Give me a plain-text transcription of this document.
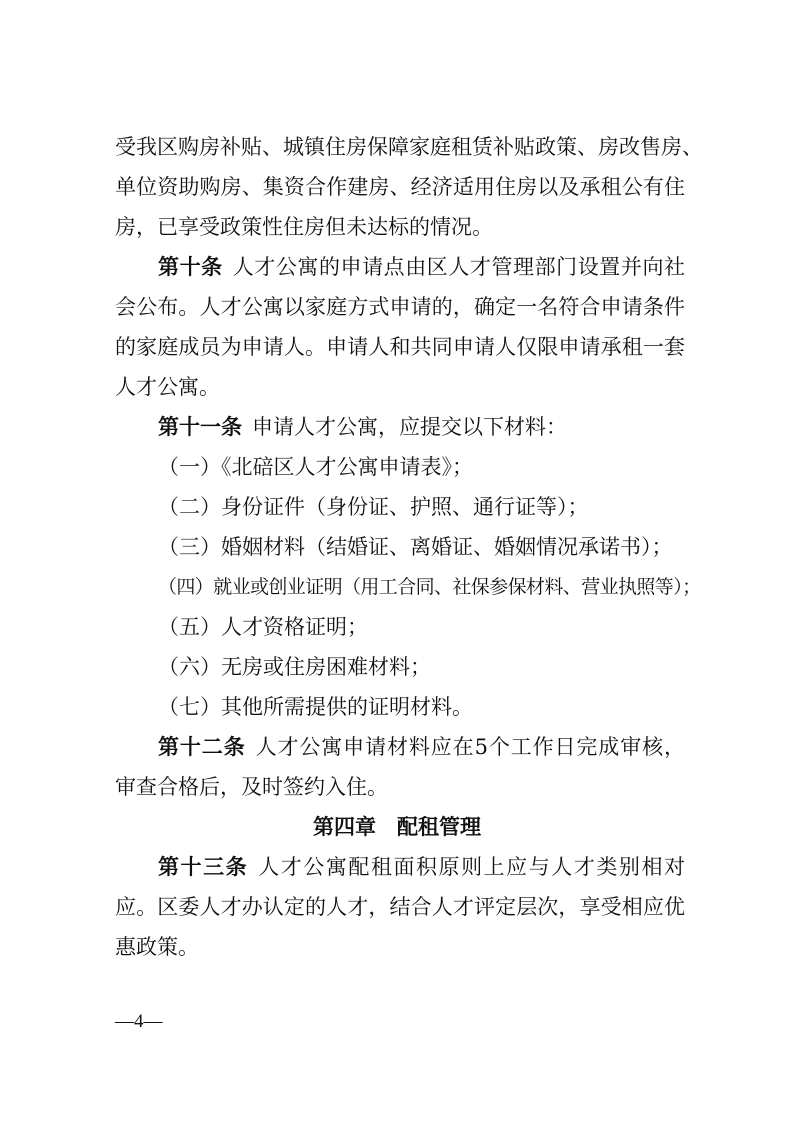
受我区购房补贴、城镇住房保障家庭租赁补贴政策、房改售房、
单位资助购房、集资合作建房、经济适用住房以及承租公有住
房，已享受政策性住房但未达标的情况。
第十条 人才公寓的申请点由区人才管理部门设置并向社
会公布。人才公寓以家庭方式申请的，确定一名符合申请条件
的家庭成员为申请人。申请人和共同申请人仅限申请承租一套
人才公寓。
第十一条 申请人才公寓，应提交以下材料：
（一）《北碚区人才公寓申请表》；
（二）身份证件（身份证、护照、通行证等）；
（三）婚姻材料（结婚证、离婚证、婚姻情况承诺书）；
（四）就业或创业证明（用工合同、社保参保材料、营业执照等）；
（五）人才资格证明；
（六）无房或住房困难材料；
（七）其他所需提供的证明材料。
第十二条 人才公寓申请材料应在5个工作日完成审核，
审查合格后，及时签约入住。
第四章　配租管理
第十三条 人才公寓配租面积原则上应与人才类别相对
应。区委人才办认定的人才，结合人才评定层次，享受相应优
惠政策。
—4—
